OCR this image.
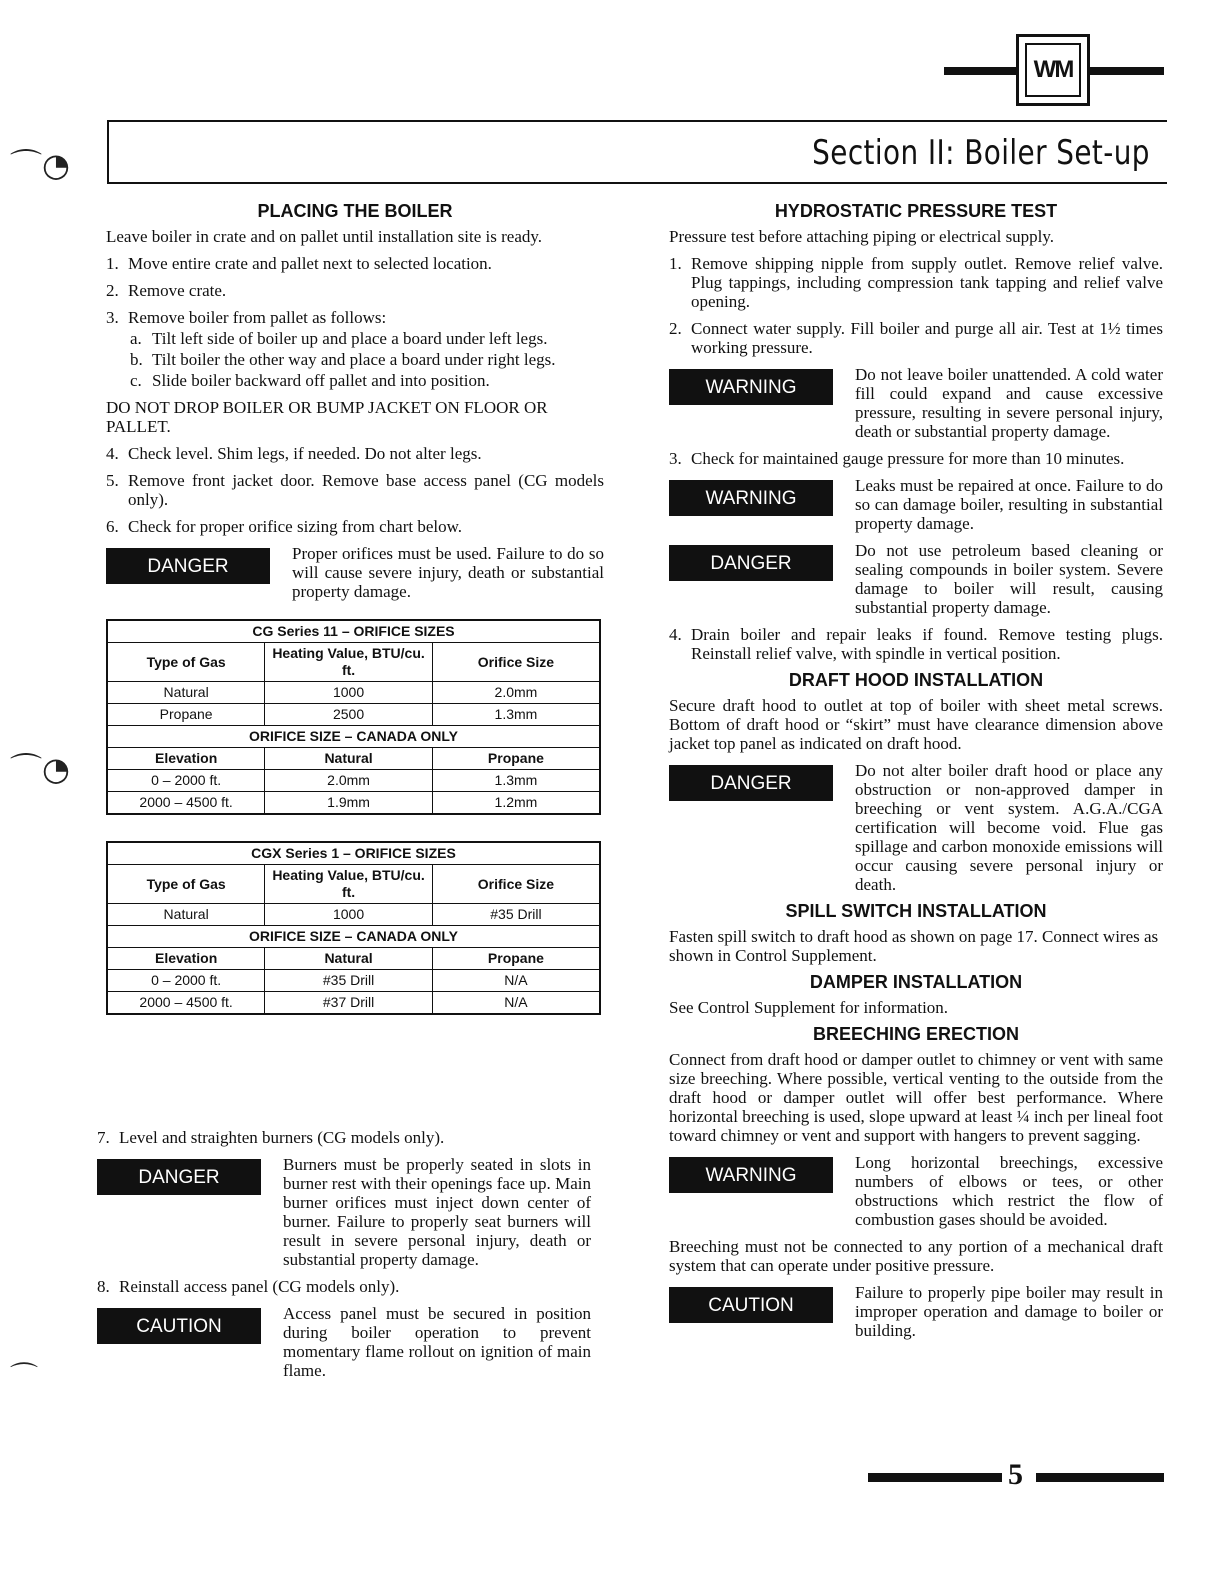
WM
Section II: Boiler Set-up
⌒◔
⌒◔
⌒
PLACING THE BOILER

Leave boiler in crate and on pallet until installation site is ready.

1. Move entire crate and pallet next to selected location.
2. Remove crate.
3. Remove boiler from pallet as follows:
a. Tilt left side of boiler up and place a board under left legs.
b. Tilt boiler the other way and place a board under right legs.
c. Slide boiler backward off pallet and into position.

DO NOT DROP BOILER OR BUMP JACKET ON FLOOR OR PALLET.

4. Check level. Shim legs, if needed. Do not alter legs.
5. Remove front jacket door. Remove base access panel (CG models only).
6. Check for proper orifice sizing from chart below.
DANGER
Proper orifices must be used. Failure to do so will cause severe injury, death or substantial property damage.
CG Series 11 – ORIFICE SIZES		
Type of Gas	Heating Value, BTU/cu. ft.	Orifice Size
Natural	1000	2.0mm
Propane	2500	1.3mm
ORIFICE SIZE – CANADA ONLY		
Elevation	Natural	Propane
0 – 2000 ft.	2.0mm	1.3mm
2000 – 4500 ft.	1.9mm	1.2mm
CGX Series 1 – ORIFICE SIZES		
Type of Gas	Heating Value, BTU/cu. ft.	Orifice Size
Natural	1000	#35 Drill
ORIFICE SIZE – CANADA ONLY		
Elevation	Natural	Propane
0 – 2000 ft.	#35 Drill	N/A
2000 – 4500 ft.	#37 Drill	N/A
7. Level and straighten burners (CG models only).
DANGER
Burners must be properly seated in slots in burner rest with their openings face up. Main burner orifices must inject down center of burner. Failure to properly seat burners will result in severe personal injury, death or substantial property damage.
8. Reinstall access panel (CG models only).
CAUTION
Access panel must be secured in position during boiler operation to prevent momentary flame rollout on ignition of main flame.
HYDROSTATIC PRESSURE TEST

Pressure test before attaching piping or electrical supply.

1. Remove shipping nipple from supply outlet. Remove relief valve. Plug tappings, including compression tank tapping and relief valve opening.
2. Connect water supply. Fill boiler and purge all air. Test at 1½ times working pressure.
WARNING
Do not leave boiler unattended. A cold water fill could expand and cause excessive pressure, resulting in severe personal injury, death or substantial property damage.
3. Check for maintained gauge pressure for more than 10 minutes.
WARNING
Leaks must be repaired at once. Failure to do so can damage boiler, resulting in substantial property damage.
DANGER
Do not use petroleum based cleaning or sealing compounds in boiler system. Severe damage to boiler will result, causing substantial property damage.
4. Drain boiler and repair leaks if found. Remove testing plugs. Reinstall relief valve, with spindle in vertical position.
DRAFT HOOD INSTALLATION

Secure draft hood to outlet at top of boiler with sheet metal screws. Bottom of draft hood or “skirt” must have clearance dimension above jacket top panel as indicated on draft hood.

DANGER
Do not alter boiler draft hood or place any obstruction or non-approved damper in breeching or vent system. A.G.A./CGA certification will become void. Flue gas spillage and carbon monoxide emissions will occur causing severe personal injury or death.
SPILL SWITCH INSTALLATION

Fasten spill switch to draft hood as shown on page 17. Connect wires as shown in Control Supplement.

DAMPER INSTALLATION

See Control Supplement for information.

BREECHING ERECTION

Connect from draft hood or damper outlet to chimney or vent with same size breeching. Where possible, vertical venting to the outside from the draft hood or damper outlet will offer best performance. Where horizontal breeching is used, slope upward at least ¼ inch per lineal foot toward chimney or vent and support with hangers to prevent sagging.

WARNING
Long horizontal breechings, excessive numbers of elbows or tees, or other obstructions which restrict the flow of combustion gases should be avoided.

Breeching must not be connected to any portion of a mechanical draft system that can operate under positive pressure.

CAUTION
Failure to properly pipe boiler may result in improper operation and damage to boiler or building.
5
